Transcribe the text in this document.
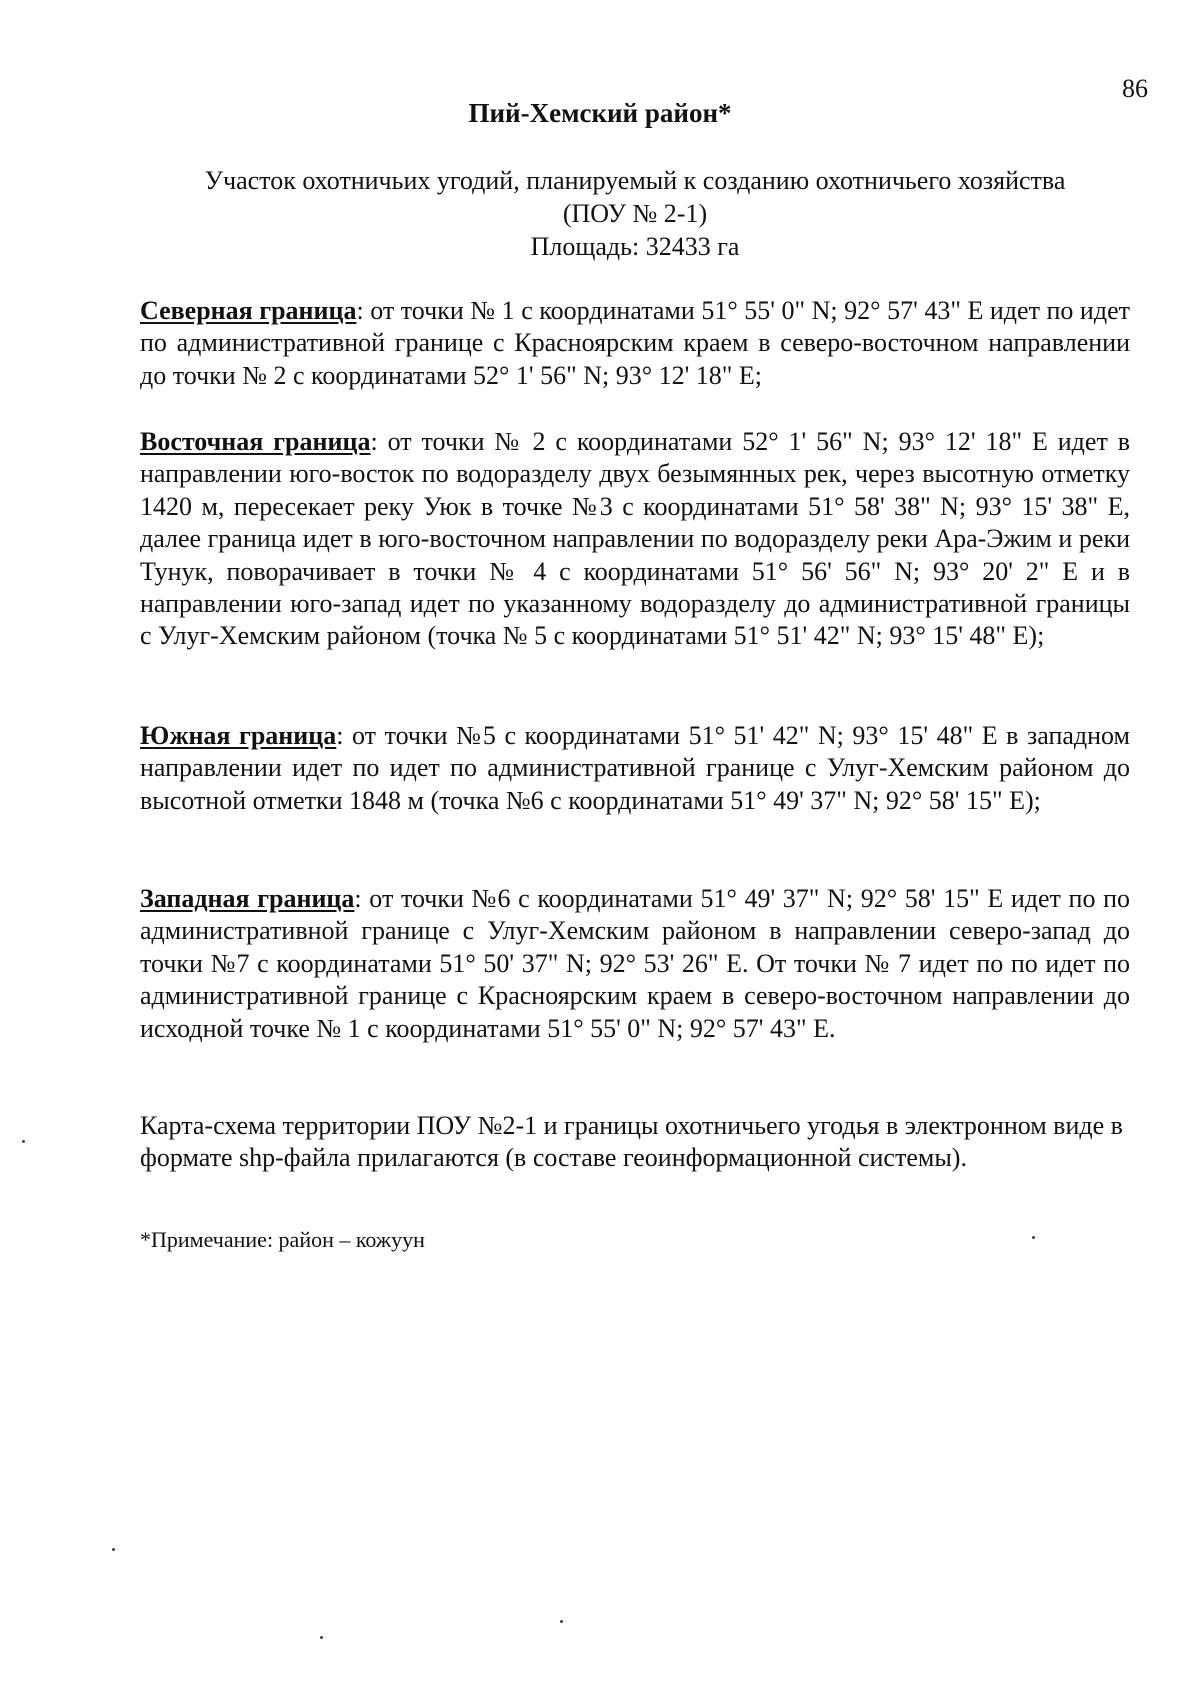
86
Пий-Хемский район*
Участок охотничьих угодий, планируемый к созданию охотничьего хозяйства
(ПОУ № 2-1)
Площадь: 32433 га
Северная граница: от точки № 1 с координатами 51° 55' 0" N; 92° 57' 43" E идет по идет по административной границе с Красноярским краем в северо-восточном направлении до точки № 2 с координатами 52° 1' 56" N; 93° 12' 18" E;
Восточная граница: от точки № 2 с координатами 52° 1' 56" N; 93° 12' 18" E идет в направлении юго-восток по водоразделу двух безымянных рек, через высотную отметку 1420 м, пересекает реку Уюк в точке №3 с координатами 51° 58' 38" N; 93° 15' 38" E, далее граница идет в юго-восточном направлении по водоразделу реки Ара-Эжим и реки Тунук, поворачивает в точки № 4 с координатами 51° 56' 56" N; 93° 20' 2" E и в направлении юго-запад идет по указанному водоразделу до административной границы с Улуг-Хемским районом (точка № 5 с координатами 51° 51' 42" N; 93° 15' 48" E);
Южная граница: от точки №5 с координатами 51° 51' 42" N; 93° 15' 48" E в западном направлении идет по идет по административной границе с Улуг-Хемским районом до высотной отметки 1848 м (точка №6 с координатами 51° 49' 37" N; 92° 58' 15" E);
Западная граница: от точки №6 с координатами 51° 49' 37" N; 92° 58' 15" E идет по по административной границе с Улуг-Хемским районом в направлении северо-запад до точки №7 с координатами 51° 50' 37" N; 92° 53' 26" E. От точки № 7 идет по по идет по административной границе с Красноярским краем в северо-восточном направлении до исходной точке № 1 с координатами 51° 55' 0" N; 92° 57' 43" E.
Карта-схема территории ПОУ №2-1 и границы охотничьего угодья в электронном виде в формате shp-файла прилагаются (в составе геоинформационной системы).
*Примечание: район – кожуун
